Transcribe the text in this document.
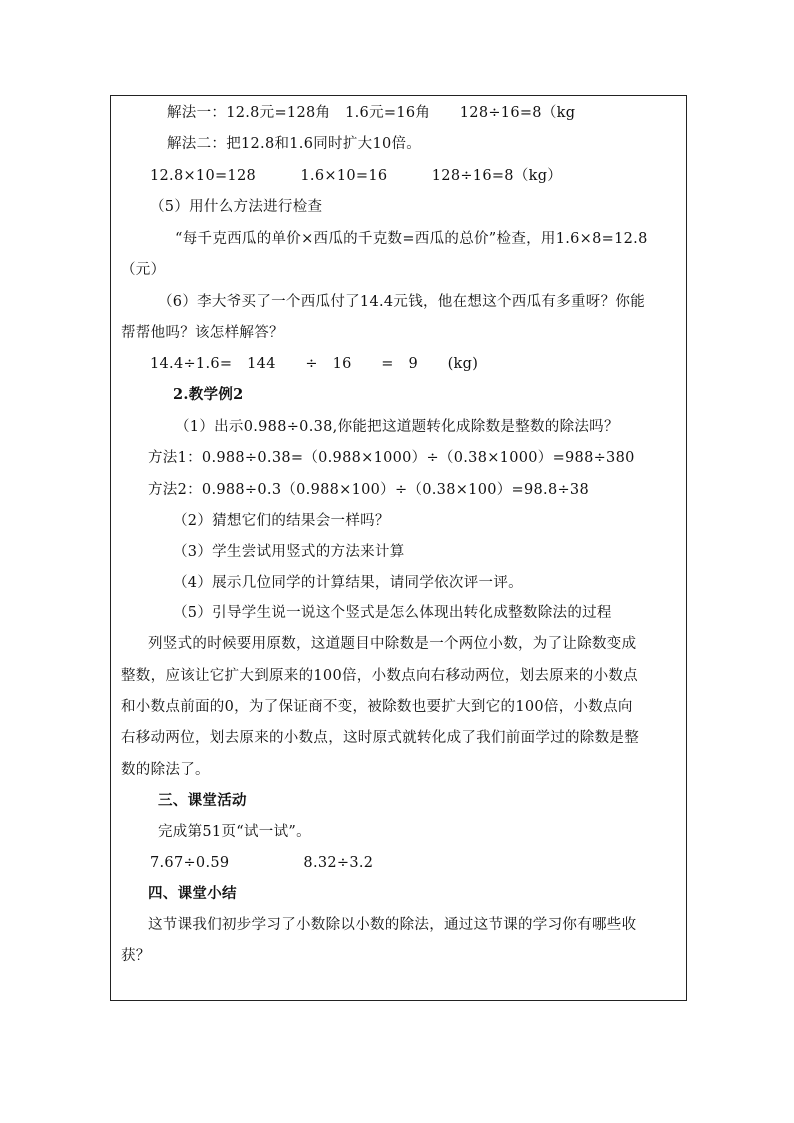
解法一：12.8元=128角　1.6元=16角　　128÷16=8（kg
解法二：把12.8和1.6同时扩大10倍。
12.8×10=128　　　1.6×10=16　　　128÷16=8（kg）
（5）用什么方法进行检查
“每千克西瓜的单价×西瓜的千克数=西瓜的总价”检查，用1.6×8=12.8
（元）
（6）李大爷买了一个西瓜付了14.4元钱，他在想这个西瓜有多重呀？你能
帮帮他吗？该怎样解答？
14.4÷1.6=　144　　÷　16　　=　9　　(kg)
2.教学例2
（1）出示0.988÷0.38,你能把这道题转化成除数是整数的除法吗？
方法1：0.988÷0.38=（0.988×1000）÷（0.38×1000）=988÷380
方法2：0.988÷0.3（0.988×100）÷（0.38×100）=98.8÷38
（2）猜想它们的结果会一样吗？
（3）学生尝试用竖式的方法来计算
（4）展示几位同学的计算结果，请同学依次评一评。
（5）引导学生说一说这个竖式是怎么体现出转化成整数除法的过程
列竖式的时候要用原数，这道题目中除数是一个两位小数，为了让除数变成
整数，应该让它扩大到原来的100倍，小数点向右移动两位，划去原来的小数点
和小数点前面的0，为了保证商不变，被除数也要扩大到它的100倍，小数点向
右移动两位，划去原来的小数点，这时原式就转化成了我们前面学过的除数是整
数的除法了。
三、课堂活动
完成第51页“试一试”。
7.67÷0.59　　　　　8.32÷3.2
四、课堂小结
这节课我们初步学习了小数除以小数的除法，通过这节课的学习你有哪些收
获？
